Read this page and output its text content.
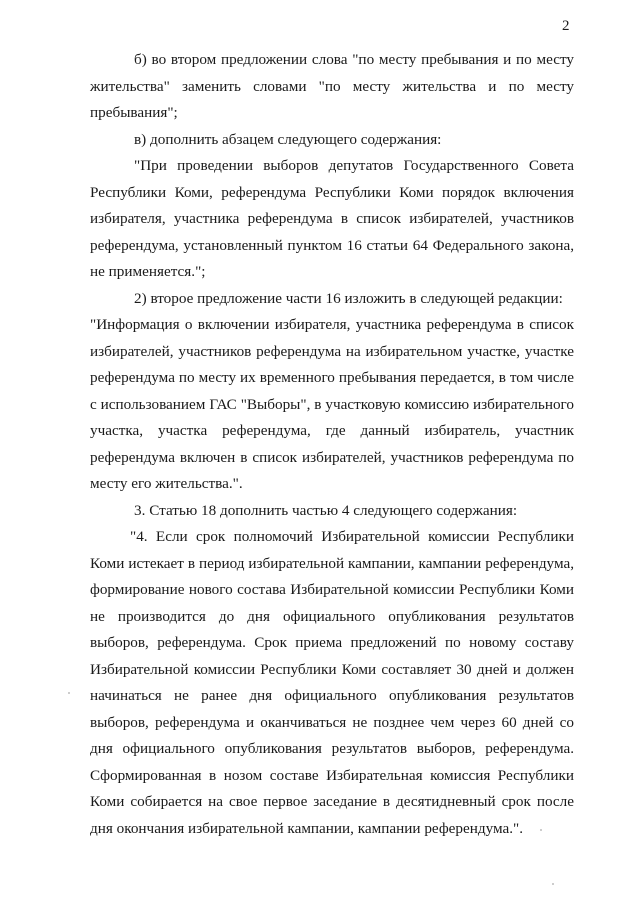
2

б) во втором предложении слова "по месту пребывания и по месту жительства" заменить словами "по месту жительства и по месту пребывания";

в) дополнить абзацем следующего содержания:

"При проведении выборов депутатов Государственного Совета Республики Коми, референдума Республики Коми порядок включения избирателя, участника референдума в список избирателей, участников референдума, установленный пунктом 16 статьи 64 Федерального закона, не применяется.";

2) второе предложение части 16 изложить в следующей редакции:

"Информация о включении избирателя, участника референдума в список избирателей, участников референдума на избирательном участке, участке референдума по месту их временного пребывания передается, в том числе с использованием ГАС "Выборы", в участковую комиссию избирательного участка, участка референдума, где данный избиратель, участник референдума включен в список избирателей, участников референдума по месту его жительства.".

3. Статью 18 дополнить частью 4 следующего содержания:

"4. Если срок полномочий Избирательной комиссии Республики Коми истекает в период избирательной кампании, кампании референдума, формирование нового состава Избирательной комиссии Республики Коми не производится до дня официального опубликования результатов выборов, референдума. Срок приема предложений по новому составу Избирательной комиссии Республики Коми составляет 30 дней и должен начинаться не ранее дня официального опубликования результатов выборов, референдума и оканчиваться не позднее чем через 60 дней со дня официального опубликования результатов выборов, референдума. Сформированная в нозом составе Избирательная комиссия Республики Коми собирается на свое первое заседание в десятидневный срок после дня окончания избирательной кампании, кампании референдума.".
